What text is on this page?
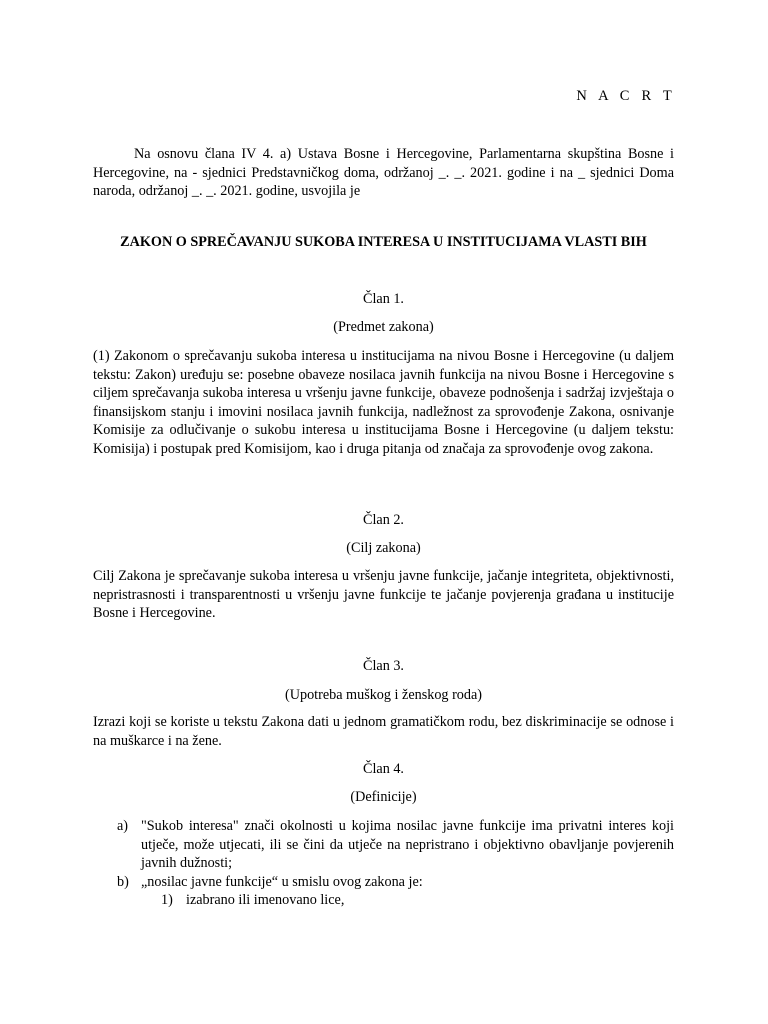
N A C R T

Na osnovu člana IV 4. a) Ustava Bosne i Hercegovine, Parlamentarna skupština Bosne i Hercegovine, na - sjednici Predstavničkog doma, održanoj _. _. 2021. godine i na _ sjednici Doma naroda, održanoj _. _. 2021. godine, usvojila je

ZAKON O SPREČAVANJU SUKOBA INTERESA U INSTITUCIJAMA VLASTI BIH
Član 1.
(Predmet zakona)

(1) Zakonom o sprečavanju sukoba interesa u institucijama na nivou Bosne i Hercegovine (u daljem tekstu: Zakon) uređuju se: posebne obaveze nosilaca javnih funkcija na nivou Bosne i Hercegovine s ciljem sprečavanja sukoba interesa u vršenju javne funkcije, obaveze podnošenja i sadržaj izvještaja o finansijskom stanju i imovini nosilaca javnih funkcija, nadležnost za sprovođenje Zakona, osnivanje Komisije za odlučivanje o sukobu interesa u institucijama Bosne i Hercegovine (u daljem tekstu: Komisija) i postupak pred Komisijom, kao i druga pitanja od značaja za sprovođenje ovog zakona.

Član 2.
(Cilj zakona)

Cilj Zakona je sprečavanje sukoba interesa u vršenju javne funkcije, jačanje integriteta, objektivnosti, nepristrasnosti i transparentnosti u vršenju javne funkcije te jačanje povjerenja građana u institucije Bosne i Hercegovine.

Član 3.
(Upotreba muškog i ženskog roda)

Izrazi koji se koriste u tekstu Zakona dati u jednom gramatičkom rodu, bez diskriminacije se odnose i na muškarce i na žene.

Član 4.
(Definicije)
a) "Sukob interesa" znači okolnosti u kojima nosilac javne funkcije ima privatni interes koji utječe, može utjecati, ili se čini da utječe na nepristrano i objektivno obavljanje povjerenih javnih dužnosti;
b) „nosilac javne funkcije“ u smislu ovog zakona je:
1) izabrano ili imenovano lice,
